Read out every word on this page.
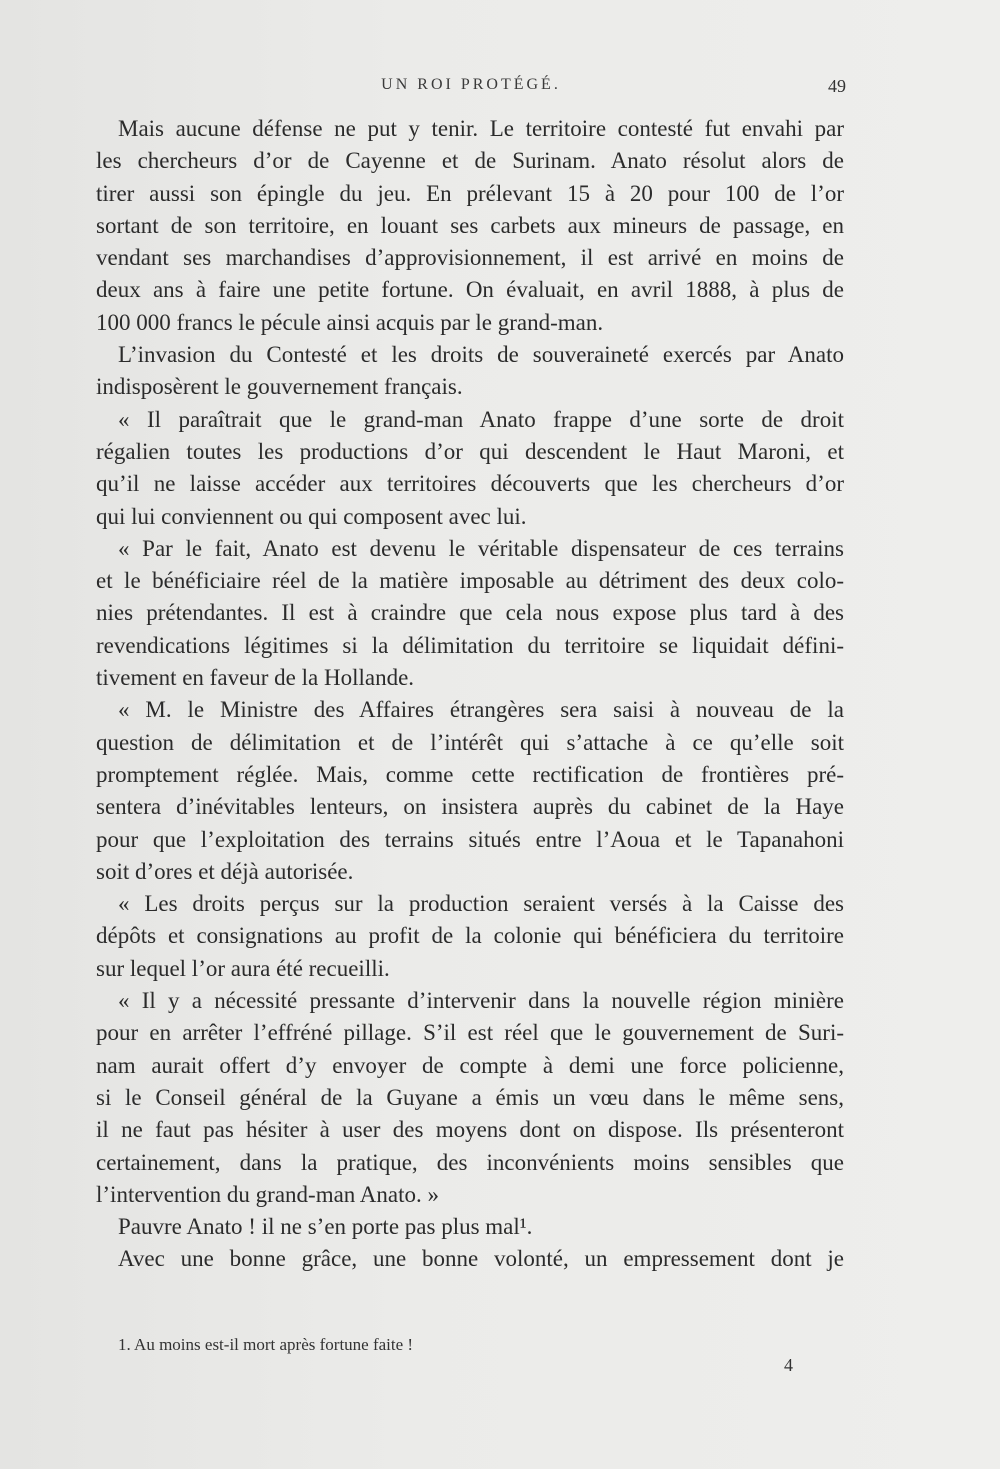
UN ROI PROTÉGÉ.	49
Mais aucune défense ne put y tenir. Le territoire contesté fut envahi par
les chercheurs d’or de Cayenne et de Surinam. Anato résolut alors de
tirer aussi son épingle du jeu. En prélevant 15 à 20 pour 100 de l’or
sortant de son territoire, en louant ses carbets aux mineurs de passage, en
vendant ses marchandises d’approvisionnement, il est arrivé en moins de
deux ans à faire une petite fortune. On évaluait, en avril 1888, à plus de
100 000 francs le pécule ainsi acquis par le grand-man.
L’invasion du Contesté et les droits de souveraineté exercés par Anato
indisposèrent le gouvernement français.
« Il paraîtrait que le grand-man Anato frappe d’une sorte de droit
régalien toutes les productions d’or qui descendent le Haut Maroni, et
qu’il ne laisse accéder aux territoires découverts que les chercheurs d’or
qui lui conviennent ou qui composent avec lui.
« Par le fait, Anato est devenu le véritable dispensateur de ces terrains
et le bénéficiaire réel de la matière imposable au détriment des deux colo-
nies prétendantes. Il est à craindre que cela nous expose plus tard à des
revendications légitimes si la délimitation du territoire se liquidait défini-
tivement en faveur de la Hollande.
« M. le Ministre des Affaires étrangères sera saisi à nouveau de la
question de délimitation et de l’intérêt qui s’attache à ce qu’elle soit
promptement réglée. Mais, comme cette rectification de frontières pré-
sentera d’inévitables lenteurs, on insistera auprès du cabinet de la Haye
pour que l’exploitation des terrains situés entre l’Aoua et le Tapanahoni
soit d’ores et déjà autorisée.
« Les droits perçus sur la production seraient versés à la Caisse des
dépôts et consignations au profit de la colonie qui bénéficiera du territoire
sur lequel l’or aura été recueilli.
« Il y a nécessité pressante d’intervenir dans la nouvelle région minière
pour en arrêter l’effréné pillage. S’il est réel que le gouvernement de Suri-
nam aurait offert d’y envoyer de compte à demi une force policienne,
si le Conseil général de la Guyane a émis un vœu dans le même sens,
il ne faut pas hésiter à user des moyens dont on dispose. Ils présenteront
certainement, dans la pratique, des inconvénients moins sensibles que
l’intervention du grand-man Anato. »
Pauvre Anato ! il ne s’en porte pas plus mal¹.
Avec une bonne grâce, une bonne volonté, un empressement dont je
1. Au moins est-il mort après fortune faite !
4
